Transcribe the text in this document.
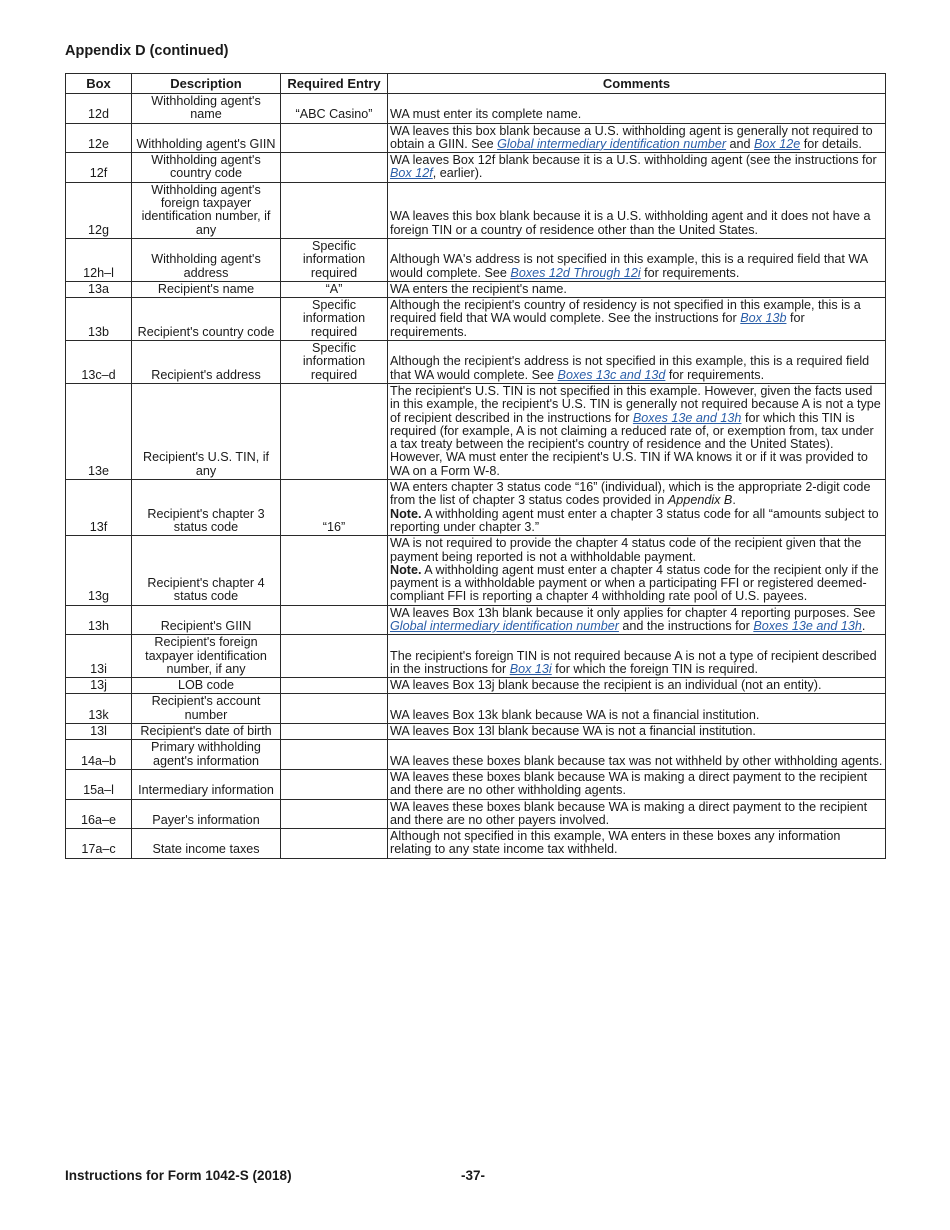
Appendix D (continued)
Box	Description	Required Entry	Comments
12d	Withholding agent's name	“ABC Casino”	WA must enter its complete name.
12e	Withholding agent's GIIN		WA leaves this box blank because a U.S. withholding agent is generally not required to obtain a GIIN. See Global intermediary identification number and Box 12e for details.
12f	Withholding agent's country code		WA leaves Box 12f blank because it is a U.S. withholding agent (see the instructions for Box 12f, earlier).
12g	Withholding agent's foreign taxpayer identification number, if any		WA leaves this box blank because it is a U.S. withholding agent and it does not have a foreign TIN or a country of residence other than the United States.
12h–l	Withholding agent's address	Specific information required	Although WA's address is not specified in this example, this is a required field that WA would complete. See Boxes 12d Through 12i for requirements.
13a	Recipient's name	“A”	WA enters the recipient's name.
13b	Recipient's country code	Specific information required	Although the recipient's country of residency is not specified in this example, this is a required field that WA would complete. See the instructions for Box 13b for requirements.
13c–d	Recipient's address	Specific information required	Although the recipient's address is not specified in this example, this is a required field that WA would complete. See Boxes 13c and 13d for requirements.
13e	Recipient's U.S. TIN, if any		The recipient's U.S. TIN is not specified in this example. However, given the facts used in this example, the recipient's U.S. TIN is generally not required because A is not a type of recipient described in the instructions for Boxes 13e and 13h for which this TIN is required (for example, A is not claiming a reduced rate of, or exemption from, tax under a tax treaty between the recipient's country of residence and the United States). However, WA must enter the recipient's U.S. TIN if WA knows it or if it was provided to WA on a Form W-8.
13f	Recipient's chapter 3 status code	“16”	WA enters chapter 3 status code “16” (individual), which is the appropriate 2-digit code from the list of chapter 3 status codes provided in Appendix B.
Note. A withholding agent must enter a chapter 3 status code for all “amounts subject to reporting under chapter 3.”
13g	Recipient's chapter 4 status code		WA is not required to provide the chapter 4 status code of the recipient given that the payment being reported is not a withholdable payment.
Note. A withholding agent must enter a chapter 4 status code for the recipient only if the payment is a withholdable payment or when a participating FFI or registered deemed-compliant FFI is reporting a chapter 4 withholding rate pool of U.S. payees.
13h	Recipient's GIIN		WA leaves Box 13h blank because it only applies for chapter 4 reporting purposes. See Global intermediary identification number and the instructions for Boxes 13e and 13h.
13i	Recipient's foreign taxpayer identification number, if any		The recipient's foreign TIN is not required because A is not a type of recipient described in the instructions for Box 13i for which the foreign TIN is required.
13j	LOB code		WA leaves Box 13j blank because the recipient is an individual (not an entity).
13k	Recipient's account number		WA leaves Box 13k blank because WA is not a financial institution.
13l	Recipient's date of birth		WA leaves Box 13l blank because WA is not a financial institution.
14a–b	Primary withholding agent's information		WA leaves these boxes blank because tax was not withheld by other withholding agents.
15a–l	Intermediary information		WA leaves these boxes blank because WA is making a direct payment to the recipient and there are no other withholding agents.
16a–e	Payer's information		WA leaves these boxes blank because WA is making a direct payment to the recipient and there are no other payers involved.
17a–c	State income taxes		Although not specified in this example, WA enters in these boxes any information relating to any state income tax withheld.
Instructions for Form 1042-S (2018)	-37-
